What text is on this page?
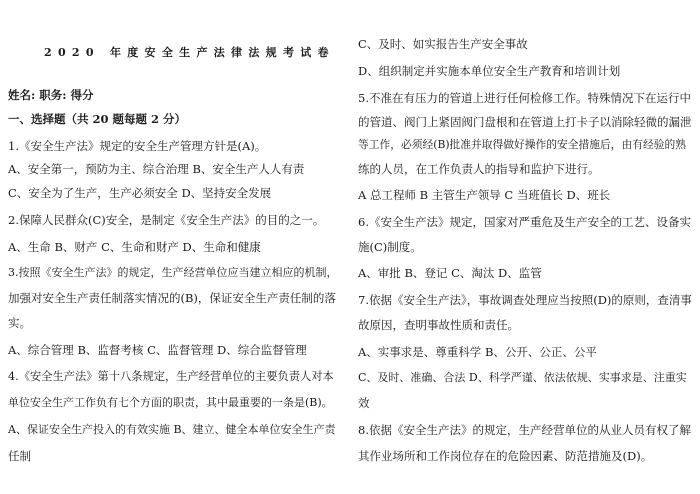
2020 年度安全生产法律法规考试卷
姓名: 职务: 得分
一、选择题（共 20 题每题 2 分）
1.《安全生产法》规定的安全生产管理方针是(A)。
A、安全第一，预防为主、综合治理 B、安全生产人人有责
C、安全为了生产，生产必须安全 D、坚持安全发展
2.保障人民群众(C)安全，是制定《安全生产法》的目的之一。
A、生命 B、财产 C、生命和财产 D、生命和健康
3.按照《安全生产法》的规定，生产经营单位应当建立相应的机制，
加强对安全生产责任制落实情况的(B)，保证安全生产责任制的落
实。
A、综合管理 B、监督考核 C、监督管理 D、综合监督管理
4.《安全生产法》第十八条规定，生产经营单位的主要负责人对本
单位安全生产工作负有七个方面的职责，其中最重要的一条是(B)。
A、保证安全生产投入的有效实施 B、建立、健全本单位安全生产责
任制
C、及时、如实报告生产安全事故
D、组织制定并实施本单位安全生产教育和培训计划
5.不准在有压力的管道上进行任何检修工作。特殊情况下在运行中
的管道、阀门上紧固阀门盘根和在管道上打卡子以消除轻微的漏泄
等工作，必须经(B)批准并取得做好操作的安全措施后，由有经验的熟
练的人员，在工作负责人的指导和监护下进行。
A 总工程师 B 主管生产领导 C 当班值长 D、班长
6.《安全生产法》规定，国家对严重危及生产安全的工艺、设备实
施(C)制度。
A、审批 B、登记 C、淘汰 D、监管
7.依据《安全生产法》，事故调查处理应当按照(D)的原则，查清事
故原因，查明事故性质和责任。
A、实事求是、尊重科学 B、公开、公正、公平
C、及时、准确、合法 D、科学严谨、依法依规、实事求是、注重实
效
8.依据《安全生产法》的规定，生产经营单位的从业人员有权了解
其作业场所和工作岗位存在的危险因素、防范措施及(D)。
